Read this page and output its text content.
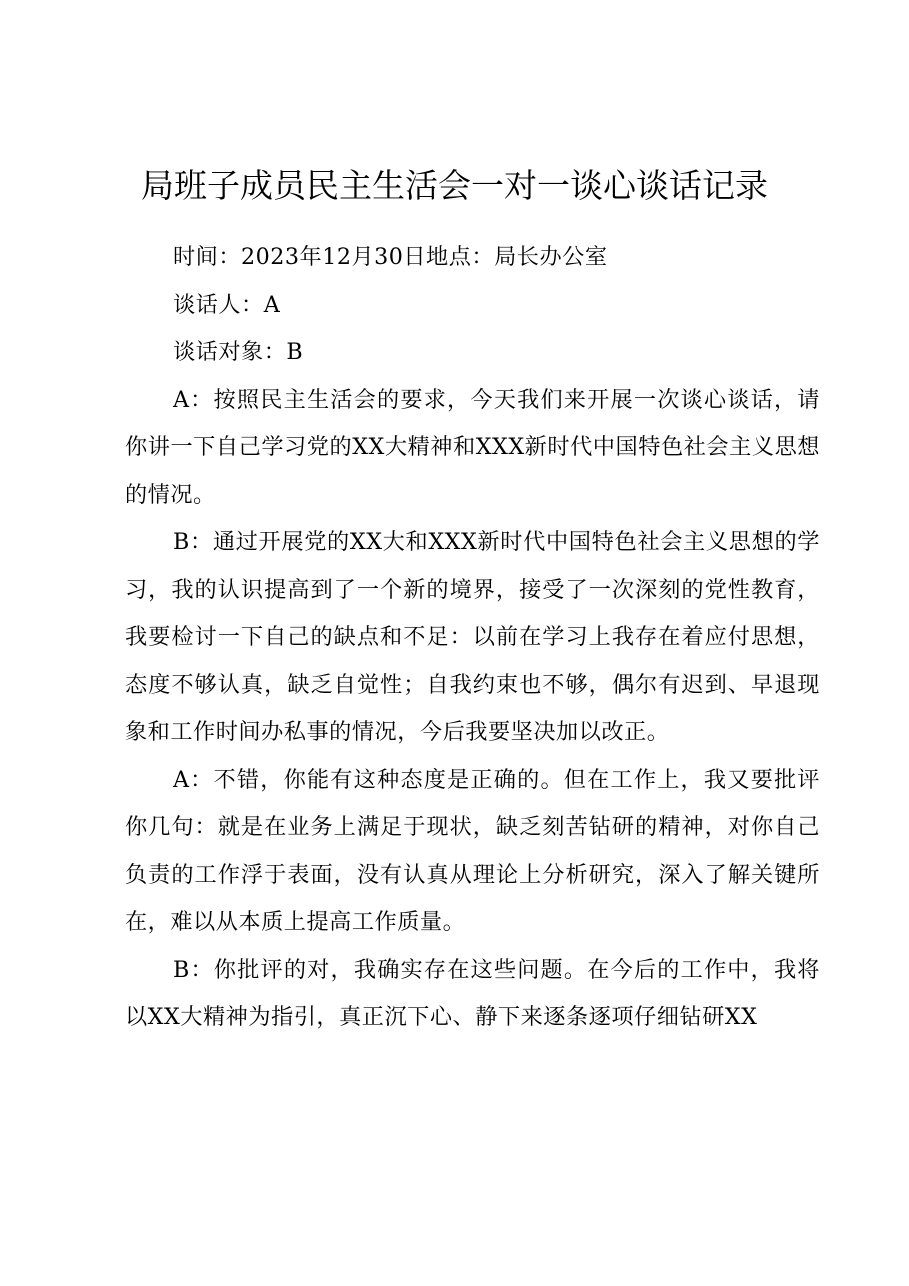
局班子成员民主生活会一对一谈心谈话记录

时间：2023年12月30日地点：局长办公室

谈话人：A

谈话对象：B

A：按照民主生活会的要求，今天我们来开展一次谈心谈话，请你讲一下自己学习党的XX大精神和XXX新时代中国特色社会主义思想的情况。

B：通过开展党的XX大和XXX新时代中国特色社会主义思想的学习，我的认识提高到了一个新的境界，接受了一次深刻的党性教育，我要检讨一下自己的缺点和不足：以前在学习上我存在着应付思想，态度不够认真，缺乏自觉性；自我约束也不够，偶尔有迟到、早退现象和工作时间办私事的情况，今后我要坚决加以改正。

A：不错，你能有这种态度是正确的。但在工作上，我又要批评你几句：就是在业务上满足于现状，缺乏刻苦钻研的精神，对你自己负责的工作浮于表面，没有认真从理论上分析研究，深入了解关键所在，难以从本质上提高工作质量。

B：你批评的对，我确实存在这些问题。在今后的工作中，我将以XX大精神为指引，真正沉下心、静下来逐条逐项仔细钻研XX
